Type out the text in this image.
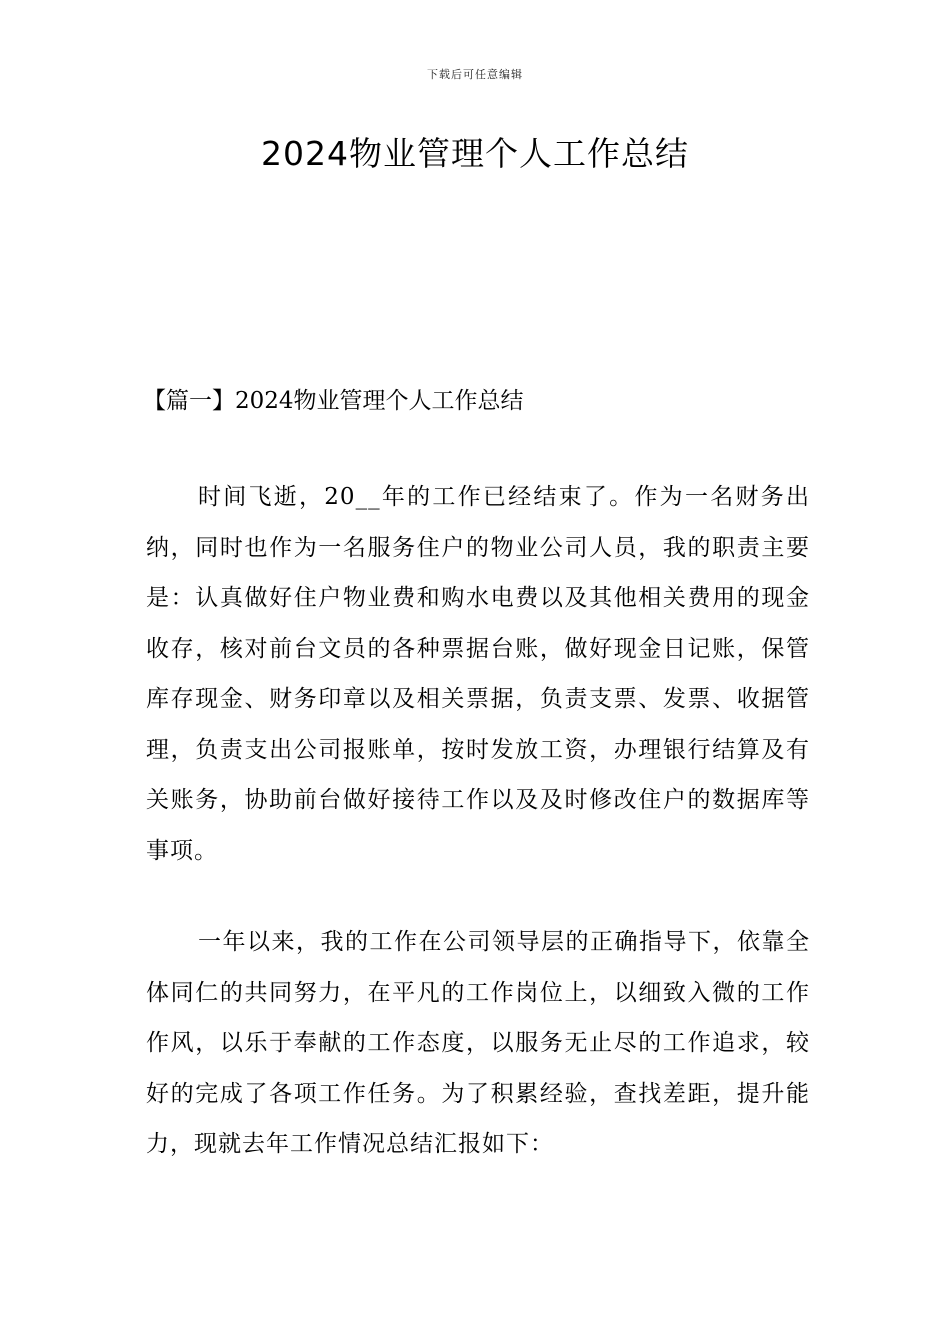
下载后可任意编辑
2024物业管理个人工作总结
【篇一】2024物业管理个人工作总结

时间飞逝，20__年的工作已经结束了。作为一名财务出纳，同时也作为一名服务住户的物业公司人员，我的职责主要是：认真做好住户物业费和购水电费以及其他相关费用的现金收存，核对前台文员的各种票据台账，做好现金日记账，保管库存现金、财务印章以及相关票据，负责支票、发票、收据管理，负责支出公司报账单，按时发放工资，办理银行结算及有关账务，协助前台做好接待工作以及及时修改住户的数据库等事项。

一年以来，我的工作在公司领导层的正确指导下，依靠全体同仁的共同努力，在平凡的工作岗位上，以细致入微的工作作风，以乐于奉献的工作态度，以服务无止尽的工作追求，较好的完成了各项工作任务。为了积累经验，查找差距，提升能力，现就去年工作情况总结汇报如下：
